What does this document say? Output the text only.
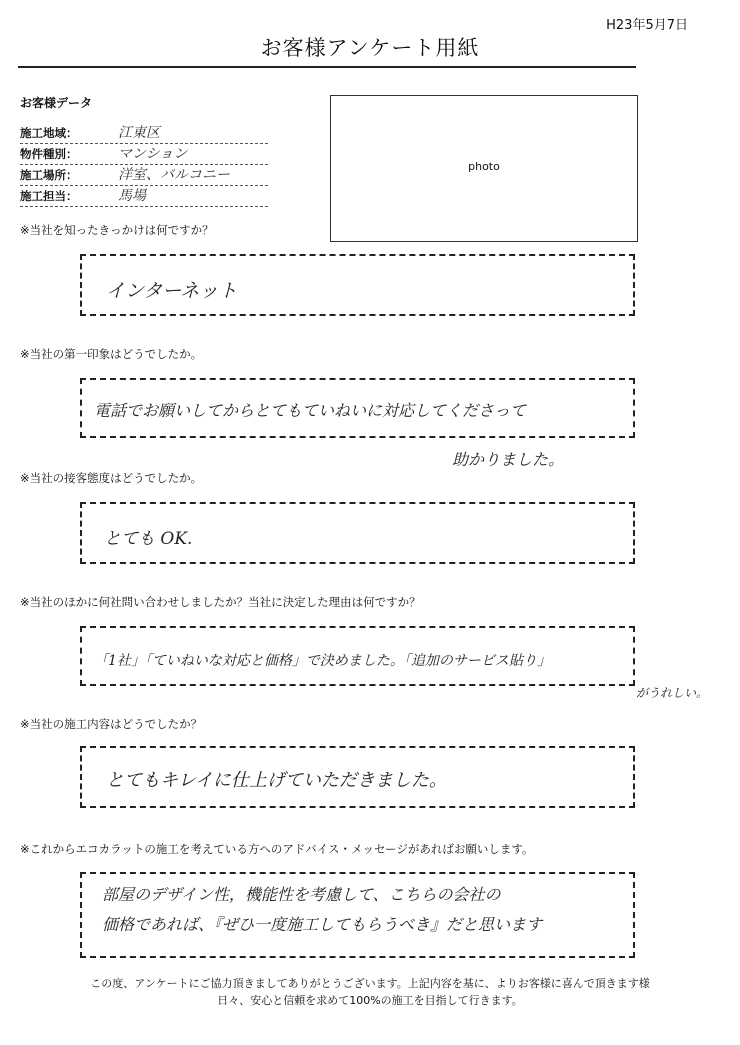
H23年5月7日
お客様アンケート用紙
お客様データ
施工地域：	江東区
物件種別：	マンション
施工場所：	洋室、バルコニー
施工担当：	馬場
photo
※当社を知ったきっかけは何ですか？
インターネット
※当社の第一印象はどうでしたか。
電話でお願いしてからとてもていねいに対応してくださって
助かりました。
※当社の接客態度はどうでしたか。
とても OK.
※当社のほかに何社問い合わせしましたか？当社に決定した理由は何ですか？
「1社」「ていねいな対応と価格」で決めました。「追加のサービス貼り」
がうれしい。
※当社の施工内容はどうでしたか？
とてもキレイに仕上げていただきました。
※これからエコカラットの施工を考えている方へのアドバイス・メッセージがあればお願いします。
部屋のデザイン性，機能性を考慮して、こちらの会社の
価格であれば、『ぜひ一度施工してもらうべき』だと思います
この度、アンケートにご協力頂きましてありがとうございます。上記内容を基に、よりお客様に喜んで頂きます様
日々、安心と信頼を求めて100%の施工を目指して行きます。
